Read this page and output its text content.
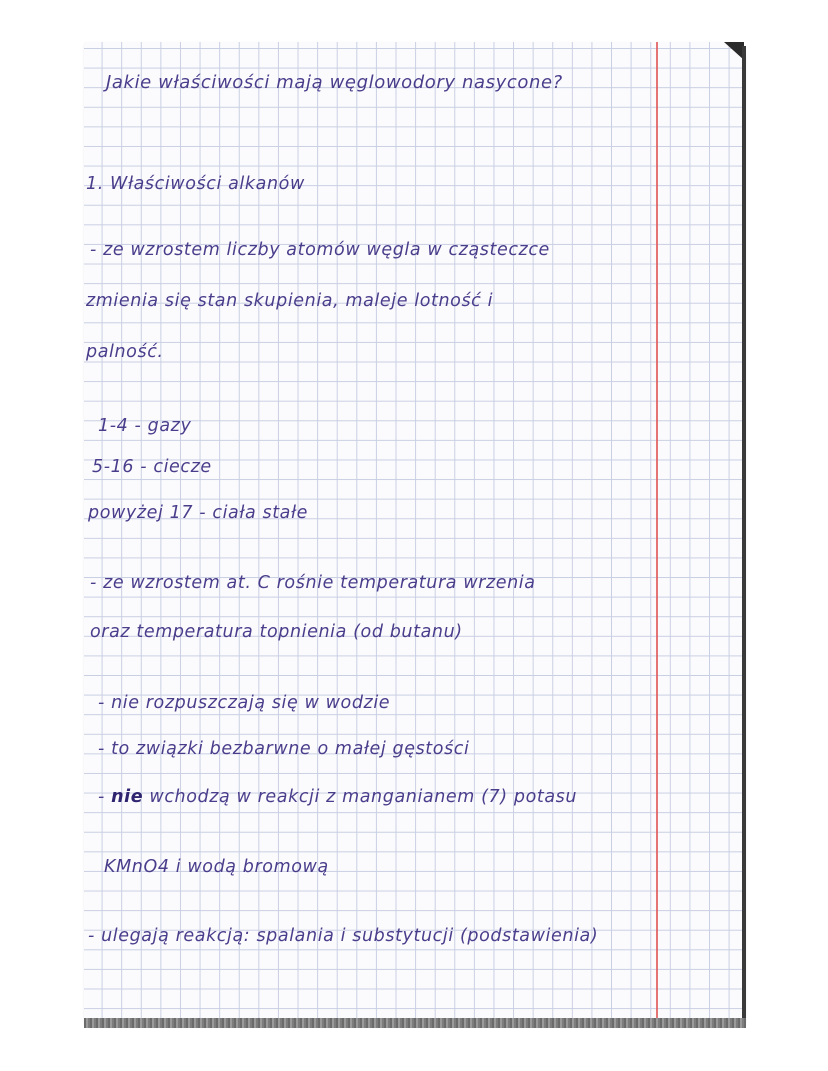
Jakie właściwości mają węglowodory nasycone?
1. Właściwości alkanów
- ze wzrostem liczby atomów węgla w cząsteczce
zmienia się stan skupienia, maleje lotność i
palność.
1-4 - gazy
5-16 - ciecze
powyżej 17 - ciała stałe
- ze wzrostem at. C rośnie temperatura wrzenia
oraz temperatura topnienia (od butanu)
- nie rozpuszczają się w wodzie
- to związki bezbarwne o małej gęstości
- nie wchodzą w reakcji z manganianem (7) potasu
KMnO4 i wodą bromową
- ulegają reakcją: spalania i substytucji (podstawienia)
